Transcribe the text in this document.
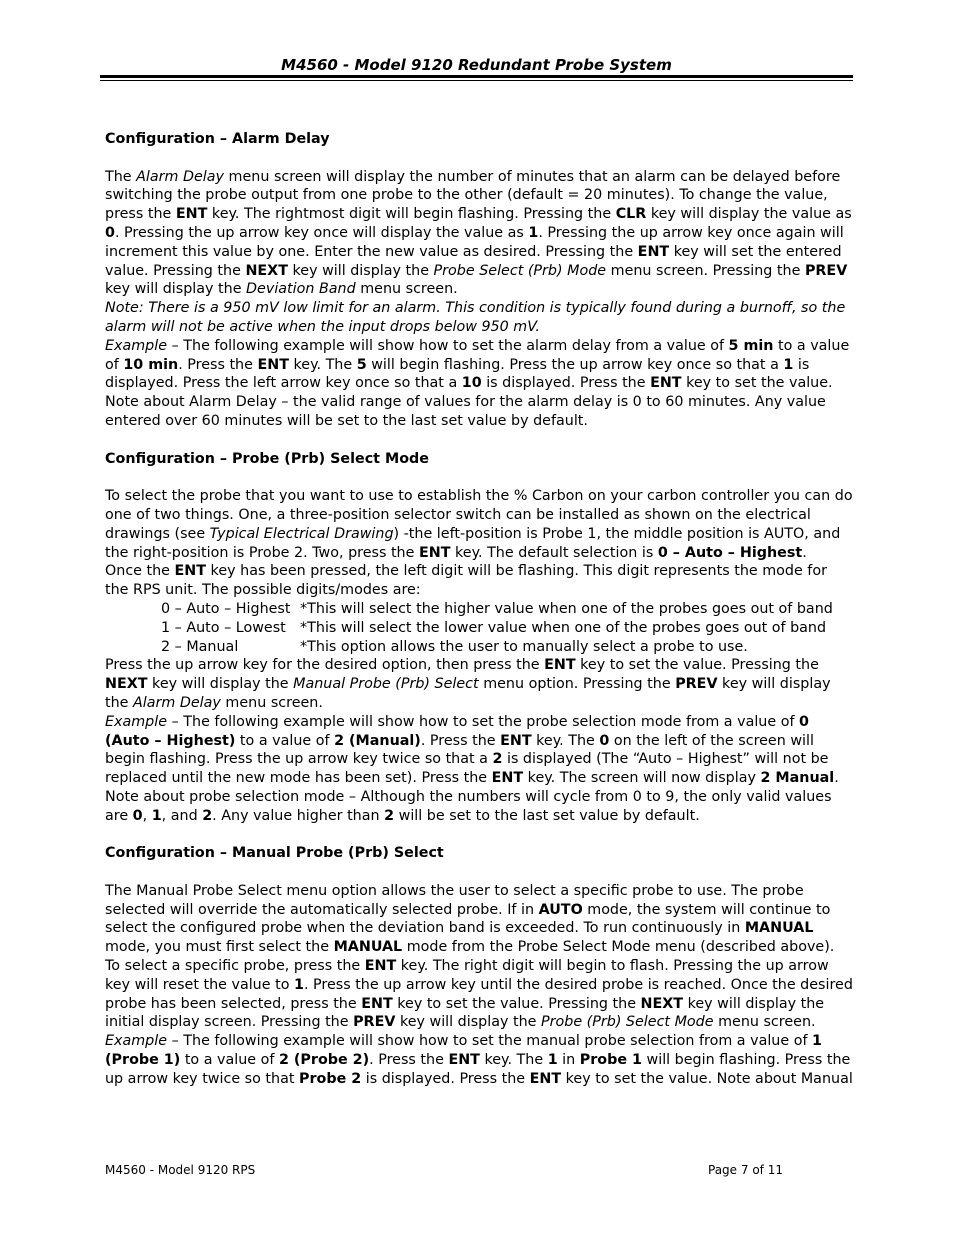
M4560 - Model 9120 Redundant Probe System
Configuration – Alarm Delay

The Alarm Delay menu screen will display the number of minutes that an alarm can be delayed before switching the probe output from one probe to the other (default = 20 minutes). To change the value, press the ENT key. The rightmost digit will begin flashing. Pressing the CLR key will display the value as 0. Pressing the up arrow key once will display the value as 1. Pressing the up arrow key once again will increment this value by one. Enter the new value as desired. Pressing the ENT key will set the entered value. Pressing the NEXT key will display the Probe Select (Prb) Mode menu screen. Pressing the PREV key will display the Deviation Band menu screen.

Note: There is a 950 mV low limit for an alarm. This condition is typically found during a burnoff, so the alarm will not be active when the input drops below 950 mV.

Example – The following example will show how to set the alarm delay from a value of 5 min to a value of 10 min. Press the ENT key. The 5 will begin flashing. Press the up arrow key once so that a 1 is displayed. Press the left arrow key once so that a 10 is displayed. Press the ENT key to set the value. Note about Alarm Delay – the valid range of values for the alarm delay is 0 to 60 minutes. Any value entered over 60 minutes will be set to the last set value by default.

Configuration – Probe (Prb) Select Mode

To select the probe that you want to use to establish the % Carbon on your carbon controller you can do one of two things. One, a three-position selector switch can be installed as shown on the electrical drawings (see Typical Electrical Drawing) -the left-position is Probe 1, the middle position is AUTO, and the right-position is Probe 2. Two, press the ENT key. The default selection is 0 – Auto – Highest.

Once the ENT key has been pressed, the left digit will be flashing. This digit represents the mode for the RPS unit. The possible digits/modes are:

0 – Auto – Highest *This will select the higher value when one of the probes goes out of band
1 – Auto – Lowest *This will select the lower value when one of the probes goes out of band
2 – Manual	*This option allows the user to manually select a probe to use.

Press the up arrow key for the desired option, then press the ENT key to set the value. Pressing the NEXT key will display the Manual Probe (Prb) Select menu option. Pressing the PREV key will display the Alarm Delay menu screen.

Example – The following example will show how to set the probe selection mode from a value of 0 (Auto – Highest) to a value of 2 (Manual). Press the ENT key. The 0 on the left of the screen will begin flashing. Press the up arrow key twice so that a 2 is displayed (The “Auto – Highest” will not be replaced until the new mode has been set). Press the ENT key. The screen will now display 2 Manual. Note about probe selection mode – Although the numbers will cycle from 0 to 9, the only valid values are 0, 1, and 2. Any value higher than 2 will be set to the last set value by default.

Configuration – Manual Probe (Prb) Select

The Manual Probe Select menu option allows the user to select a specific probe to use. The probe selected will override the automatically selected probe. If in AUTO mode, the system will continue to select the configured probe when the deviation band is exceeded. To run continuously in MANUAL mode, you must first select the MANUAL mode from the Probe Select Mode menu (described above). To select a specific probe, press the ENT key. The right digit will begin to flash. Pressing the up arrow key will reset the value to 1. Press the up arrow key until the desired probe is reached. Once the desired probe has been selected, press the ENT key to set the value. Pressing the NEXT key will display the initial display screen. Pressing the PREV key will display the Probe (Prb) Select Mode menu screen.

Example – The following example will show how to set the manual probe selection from a value of 1 (Probe 1) to a value of 2 (Probe 2). Press the ENT key. The 1 in Probe 1 will begin flashing. Press the up arrow key twice so that Probe 2 is displayed. Press the ENT key to set the value. Note about Manual

M4560 - Model 9120 RPS	Page 7 of 11
